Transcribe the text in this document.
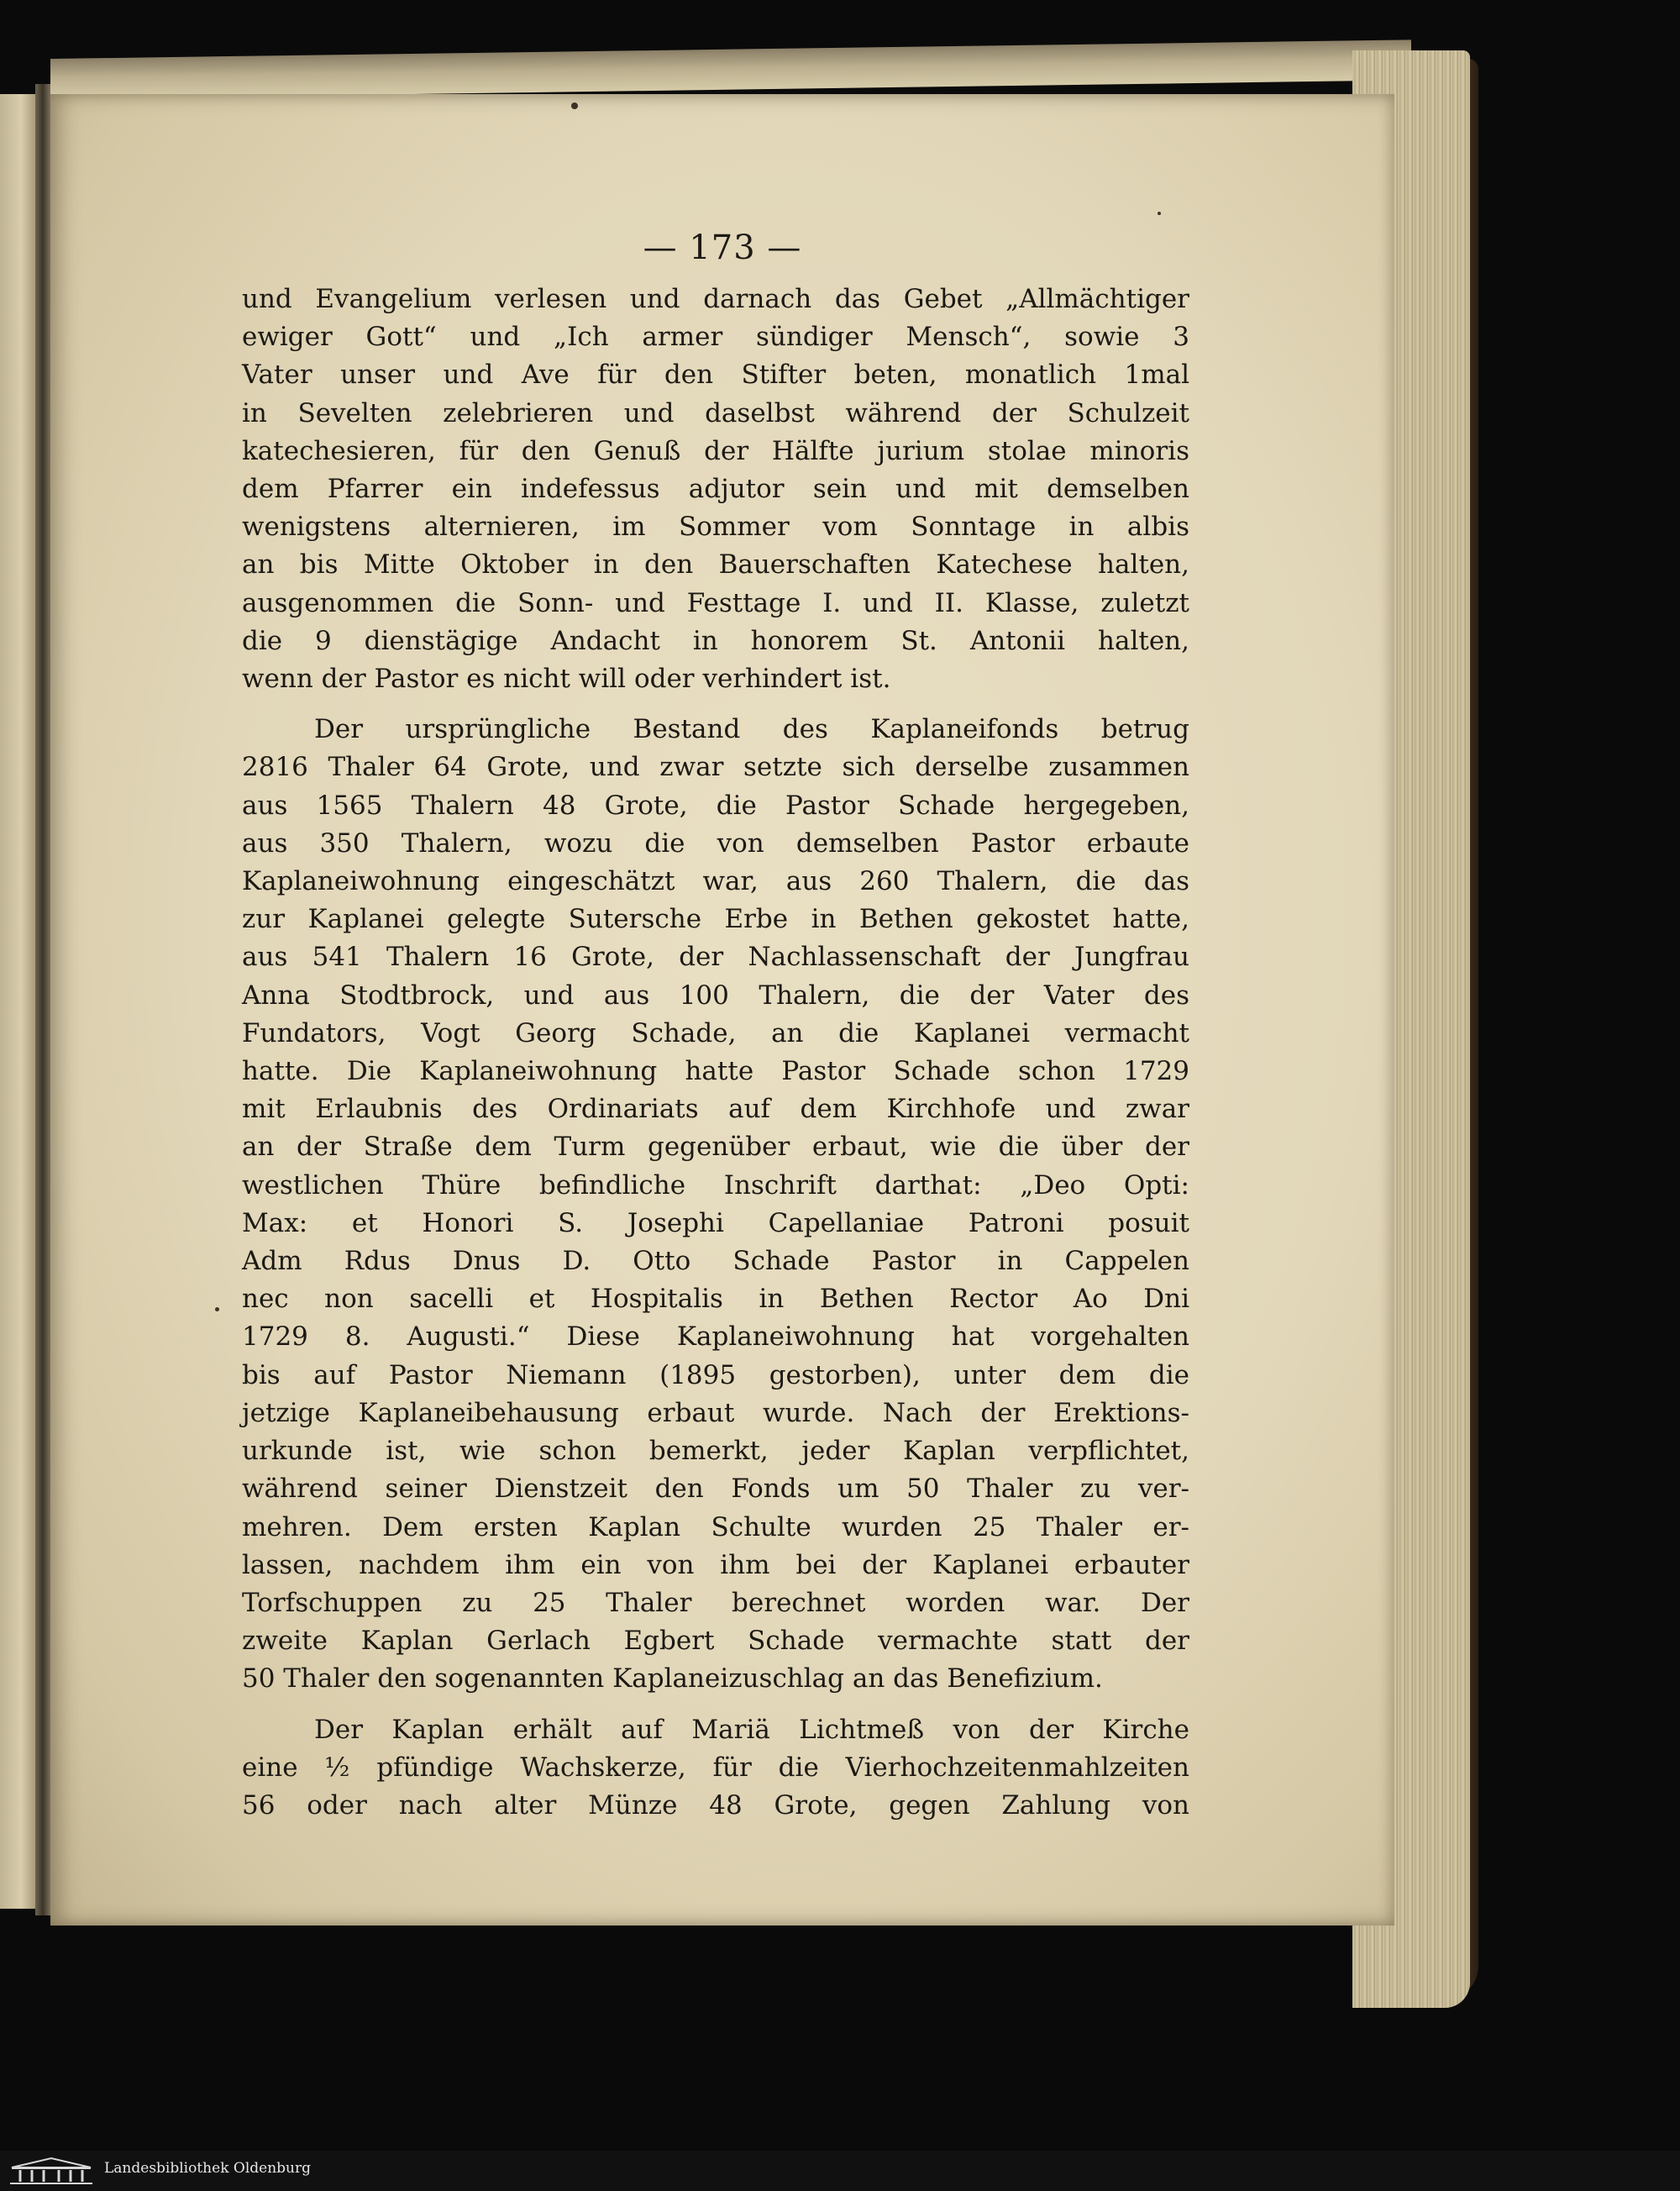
— 173 —

und Evangelium verlesen und darnach das Gebet „Allmächtiger
ewiger Gott“ und „Ich armer sündiger Mensch“, sowie 3
Vater unser und Ave für den Stifter beten, monatlich 1mal
in Sevelten zelebrieren und daselbst während der Schulzeit
katechesieren, für den Genuß der Hälfte jurium stolae minoris
dem Pfarrer ein indefessus adjutor sein und mit demselben
wenigstens alternieren, im Sommer vom Sonntage in albis
an bis Mitte Oktober in den Bauerschaften Katechese halten,
ausgenommen die Sonn- und Festtage I. und II. Klasse, zuletzt
die 9 dienstägige Andacht in honorem St. Antonii halten,
wenn der Pastor es nicht will oder verhindert ist.

Der ursprüngliche Bestand des Kaplaneifonds betrug
2816 Thaler 64 Grote, und zwar setzte sich derselbe zusammen
aus 1565 Thalern 48 Grote, die Pastor Schade hergegeben,
aus 350 Thalern, wozu die von demselben Pastor erbaute
Kaplaneiwohnung eingeschätzt war, aus 260 Thalern, die das
zur Kaplanei gelegte Sutersche Erbe in Bethen gekostet hatte,
aus 541 Thalern 16 Grote, der Nachlassenschaft der Jungfrau
Anna Stodtbrock, und aus 100 Thalern, die der Vater des
Fundators, Vogt Georg Schade, an die Kaplanei vermacht
hatte. Die Kaplaneiwohnung hatte Pastor Schade schon 1729
mit Erlaubnis des Ordinariats auf dem Kirchhofe und zwar
an der Straße dem Turm gegenüber erbaut, wie die über der
westlichen Thüre befindliche Inschrift darthat: „Deo Opti:
Max: et Honori S. Josephi Capellaniae Patroni posuit
Adm Rdus Dnus D. Otto Schade Pastor in Cappelen
nec non sacelli et Hospitalis in Bethen Rector Ao Dni
1729 8. Augusti.“ Diese Kaplaneiwohnung hat vorgehalten
bis auf Pastor Niemann (1895 gestorben), unter dem die
jetzige Kaplaneibehausung erbaut wurde. Nach der Erektions-
urkunde ist, wie schon bemerkt, jeder Kaplan verpflichtet,
während seiner Dienstzeit den Fonds um 50 Thaler zu ver-
mehren. Dem ersten Kaplan Schulte wurden 25 Thaler er-
lassen, nachdem ihm ein von ihm bei der Kaplanei erbauter
Torfschuppen zu 25 Thaler berechnet worden war. Der
zweite Kaplan Gerlach Egbert Schade vermachte statt der
50 Thaler den sogenannten Kaplaneizuschlag an das Benefizium.

Der Kaplan erhält auf Mariä Lichtmeß von der Kirche
eine ½ pfündige Wachskerze, für die Vierhochzeitenmahlzeiten
56 oder nach alter Münze 48 Grote, gegen Zahlung von

Landesbibliothek Oldenburg
